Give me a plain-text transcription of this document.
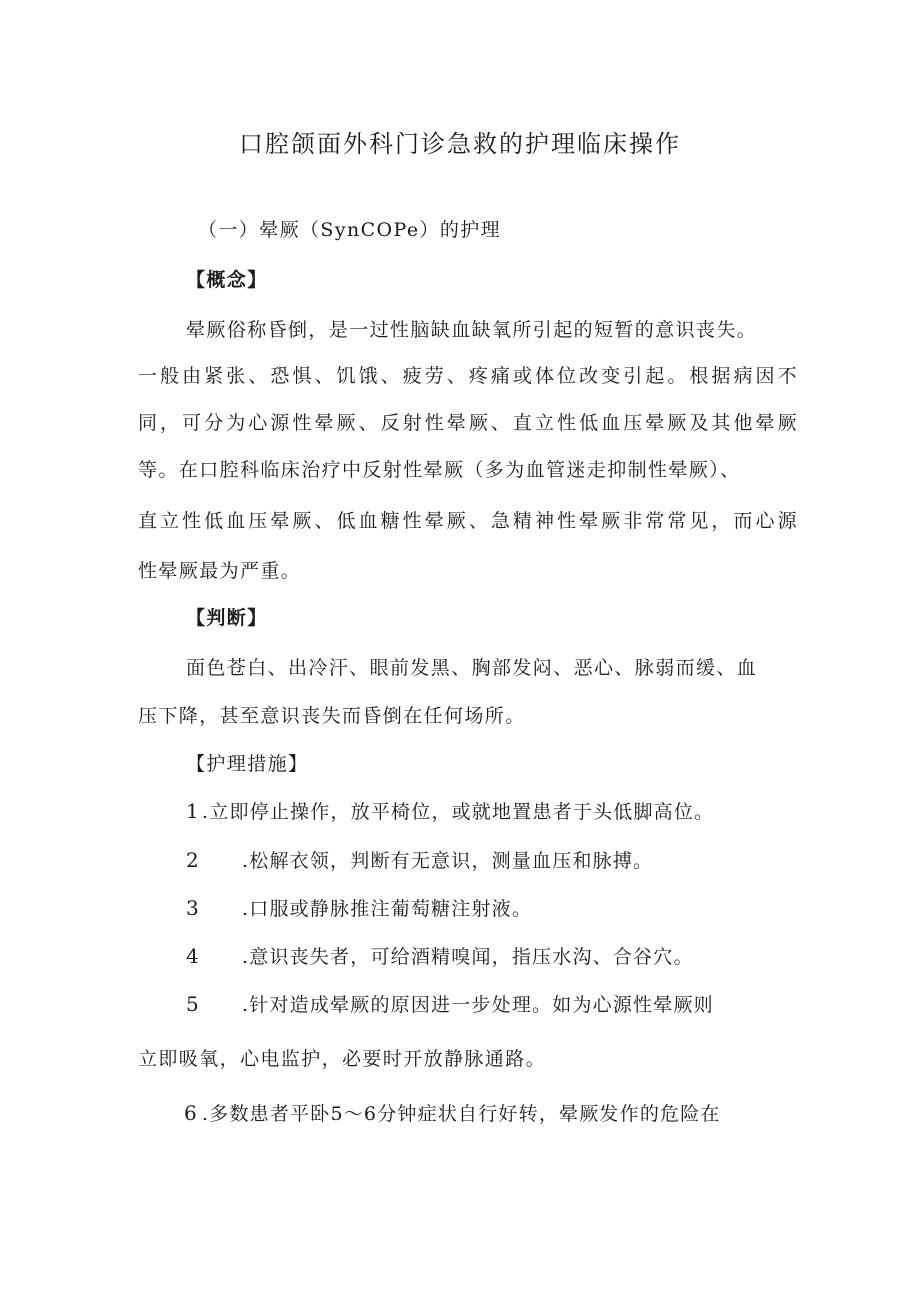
口腔颌面外科门诊急救的护理临床操作
（一）晕厥（SynCOPe）的护理
【概念】
晕厥俗称昏倒，是一过性脑缺血缺氧所引起的短暂的意识丧失。
一般由紧张、恐惧、饥饿、疲劳、疼痛或体位改变引起。根据病因不
同，可分为心源性晕厥、反射性晕厥、直立性低血压晕厥及其他晕厥
等。在口腔科临床治疗中反射性晕厥（多为血管迷走抑制性晕厥）、
直立性低血压晕厥、低血糖性晕厥、急精神性晕厥非常常见，而心源
性晕厥最为严重。
【判断】
面色苍白、出冷汗、眼前发黑、胸部发闷、恶心、脉弱而缓、血
压下降，甚至意识丧失而昏倒在任何场所。
【护理措施】
1 .立即停止操作，放平椅位，或就地置患者于头低脚高位。
2 .松解衣领，判断有无意识，测量血压和脉搏。
3 .口服或静脉推注葡萄糖注射液。
4 .意识丧失者，可给酒精嗅闻，指压水沟、合谷穴。
5 .针对造成晕厥的原因进一步处理。如为心源性晕厥则
立即吸氧，心电监护，必要时开放静脉通路。
6 .多数患者平卧5～6分钟症状自行好转，晕厥发作的危险在
